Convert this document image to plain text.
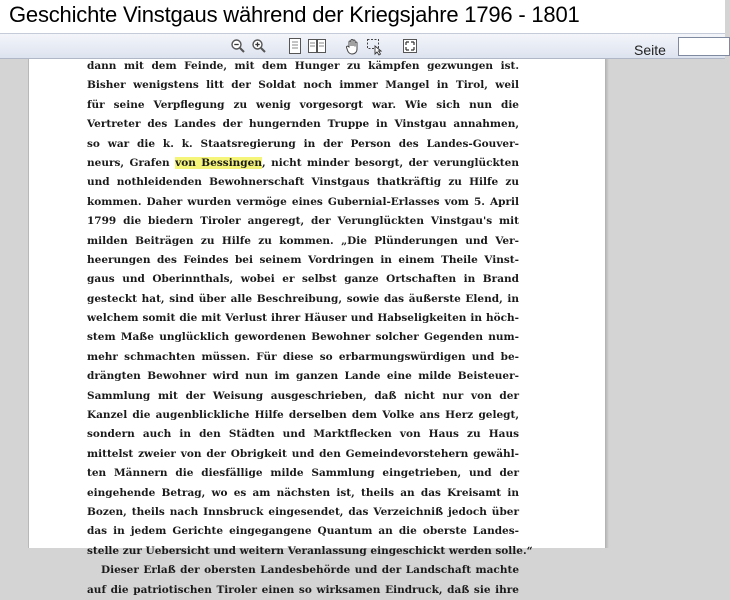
Geschichte Vinstgaus während der Kriegsjahre 1796 - 1801
Seite
dann mit dem Feinde, mit dem Hunger zu kämpfen gezwungen ist.
Bisher wenigstens litt der Soldat noch immer Mangel in Tirol, weil
für seine Verpflegung zu wenig vorgesorgt war. Wie sich nun die
Vertreter des Landes der hungernden Truppe in Vinstgau annahmen,
so war die k. k. Staatsregierung in der Person des Landes-Gouver-
neurs, Grafen von Bessingen, nicht minder besorgt, der verunglückten
und nothleidenden Bewohnerschaft Vinstgaus thatkräftig zu Hilfe zu
kommen. Daher wurden vermöge eines Gubernial-Erlasses vom 5. April
1799 die biedern Tiroler angeregt, der Verunglückten Vinstgau's mit
milden Beiträgen zu Hilfe zu kommen. „Die Plünderungen und Ver-
heerungen des Feindes bei seinem Vordringen in einem Theile Vinst-
gaus und Oberinnthals, wobei er selbst ganze Ortschaften in Brand
gesteckt hat, sind über alle Beschreibung, sowie das äußerste Elend, in
welchem somit die mit Verlust ihrer Häuser und Habseligkeiten in höch-
stem Maße unglücklich gewordenen Bewohner solcher Gegenden num-
mehr schmachten müssen. Für diese so erbarmungswürdigen und be-
drängten Bewohner wird nun im ganzen Lande eine milde Beisteuer-
Sammlung mit der Weisung ausgeschrieben, daß nicht nur von der
Kanzel die augenblickliche Hilfe derselben dem Volke ans Herz gelegt,
sondern auch in den Städten und Marktflecken von Haus zu Haus
mittelst zweier von der Obrigkeit und den Gemeindevorstehern gewähl-
ten Männern die diesfällige milde Sammlung eingetrieben, und der
eingehende Betrag, wo es am nächsten ist, theils an das Kreisamt in
Bozen, theils nach Innsbruck eingesendet, das Verzeichniß jedoch über
das in jedem Gerichte eingegangene Quantum an die oberste Landes-
stelle zur Uebersicht und weitern Veranlassung eingeschickt werden solle.“
Dieser Erlaß der obersten Landesbehörde und der Landschaft machte
auf die patriotischen Tiroler einen so wirksamen Eindruck, daß sie ihre
